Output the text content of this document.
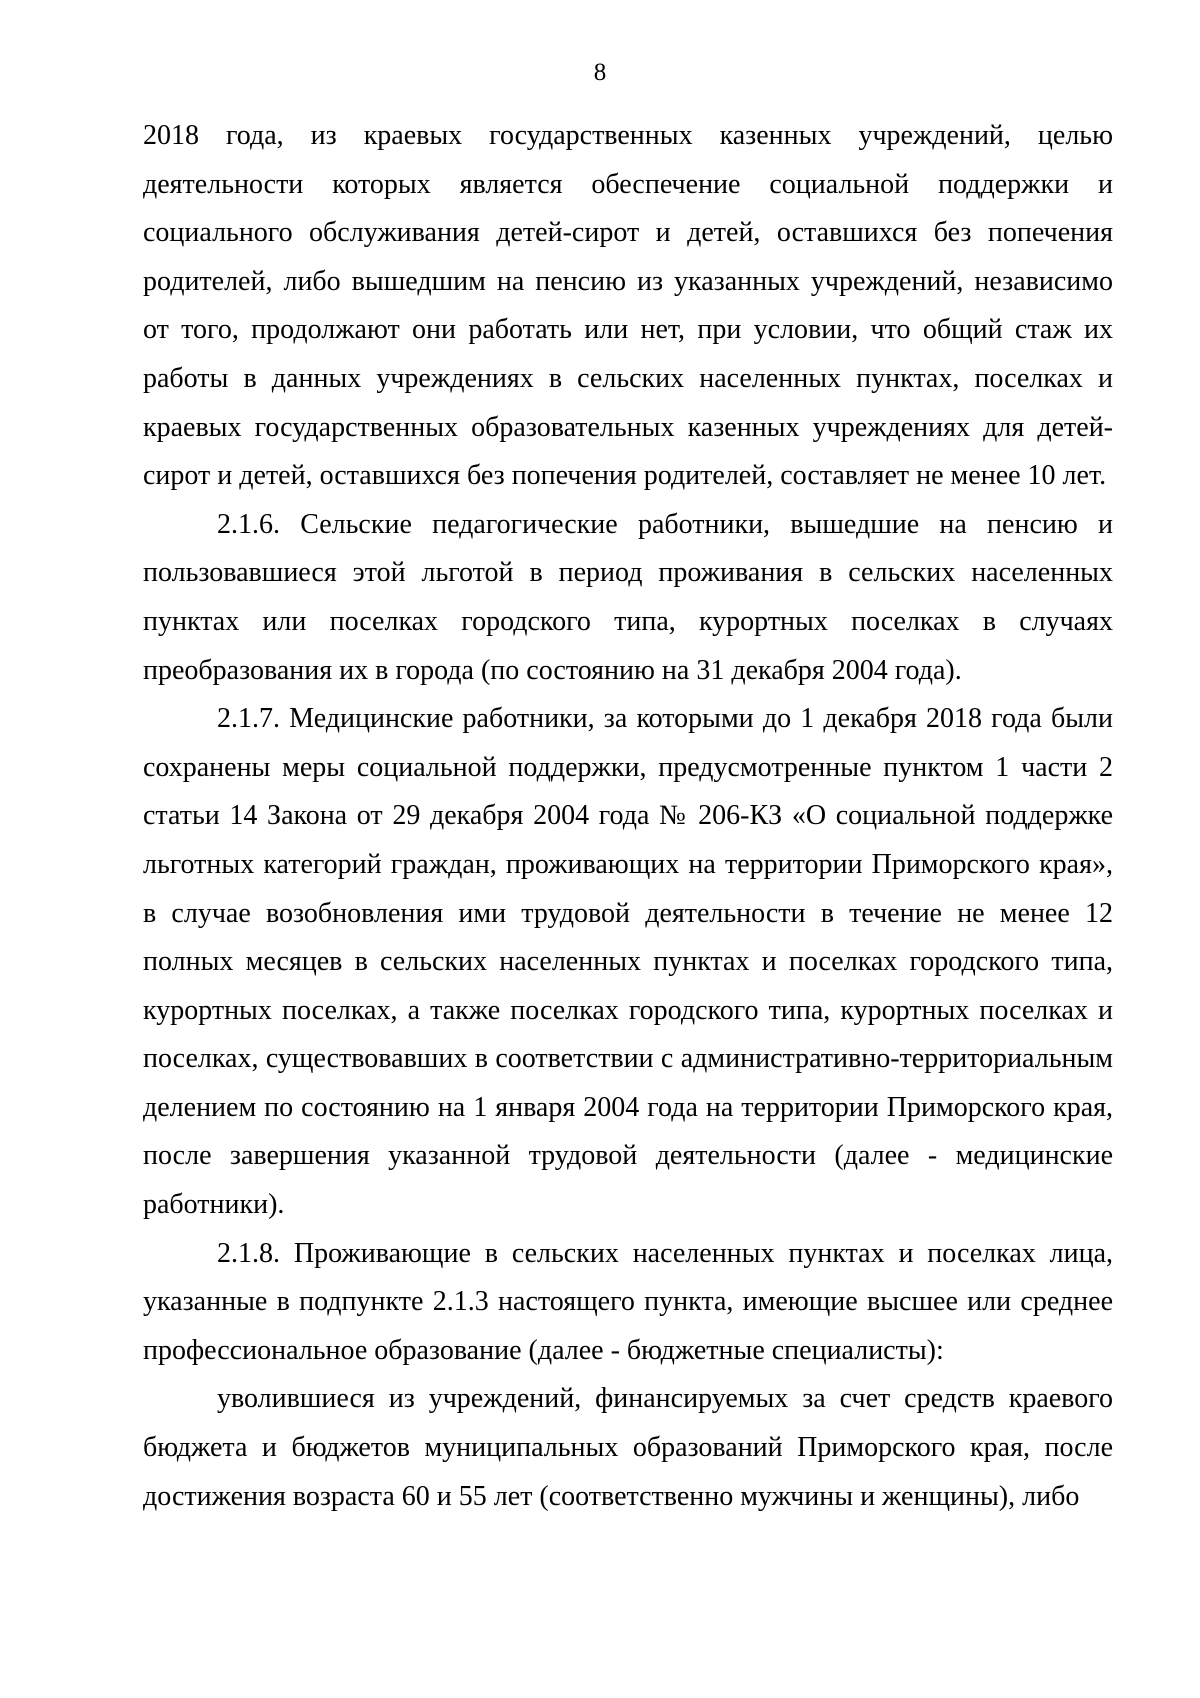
8

2018 года, из краевых государственных казенных учреждений, целью деятельности которых является обеспечение социальной поддержки и социального обслуживания детей-сирот и детей, оставшихся без попечения родителей, либо вышедшим на пенсию из указанных учреждений, независимо от того, продолжают они работать или нет, при условии, что общий стаж их работы в данных учреждениях в сельских населенных пунктах, поселках и краевых государственных образовательных казенных учреждениях для детей-сирот и детей, оставшихся без попечения родителей, составляет не менее 10 лет.

2.1.6. Сельские педагогические работники, вышедшие на пенсию и пользовавшиеся этой льготой в период проживания в сельских населенных пунктах или поселках городского типа, курортных поселках в случаях преобразования их в города (по состоянию на 31 декабря 2004 года).

2.1.7. Медицинские работники, за которыми до 1 декабря 2018 года были сохранены меры социальной поддержки, предусмотренные пунктом 1 части 2 статьи 14 Закона от 29 декабря 2004 года № 206-КЗ «О социальной поддержке льготных категорий граждан, проживающих на территории Приморского края», в случае возобновления ими трудовой деятельности в течение не менее 12 полных месяцев в сельских населенных пунктах и поселках городского типа, курортных поселках, а также поселках городского типа, курортных поселках и поселках, существовавших в соответствии с административно-территориальным делением по состоянию на 1 января 2004 года на территории Приморского края, после завершения указанной трудовой деятельности (далее - медицинские работники).

2.1.8. Проживающие в сельских населенных пунктах и поселках лица, указанные в подпункте 2.1.3 настоящего пункта, имеющие высшее или среднее профессиональное образование (далее - бюджетные специалисты):

уволившиеся из учреждений, финансируемых за счет средств краевого бюджета и бюджетов муниципальных образований Приморского края, после достижения возраста 60 и 55 лет (соответственно мужчины и женщины), либо
